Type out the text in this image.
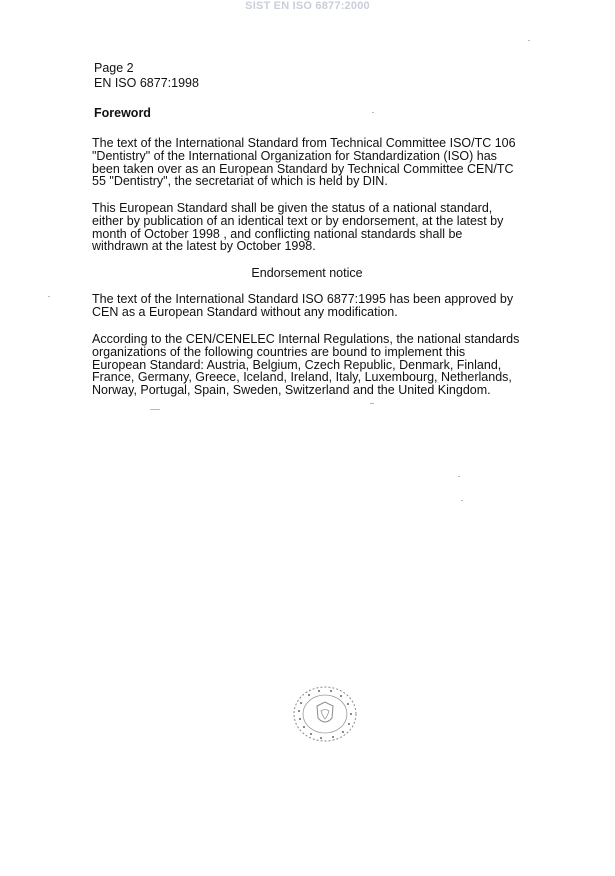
SIST EN ISO 6877:2000
Page 2
EN ISO 6877:1998
Foreword

The text of the International Standard from Technical Committee ISO/TC 106
"Dentistry" of the International Organization for Standardization (ISO) has
been taken over as an European Standard by Technical Committee CEN/TC
55 "Dentistry", the secretariat of which is held by DIN.

This European Standard shall be given the status of a national standard,
either by publication of an identical text or by endorsement, at the latest by
month of October 1998 , and conflicting national standards shall be
withdrawn at the latest by October 1998.

Endorsement notice

The text of the International Standard ISO 6877:1995 has been approved by
CEN as a European Standard without any modification.

According to the CEN/CENELEC Internal Regulations, the national standards
organizations of the following countries are bound to implement this
European Standard: Austria, Belgium, Czech Republic, Denmark, Finland,
France, Germany, Greece, Iceland, Ireland, Italy, Luxembourg, Netherlands,
Norway, Portugal, Spain, Sweden, Switzerland and the United Kingdom.
